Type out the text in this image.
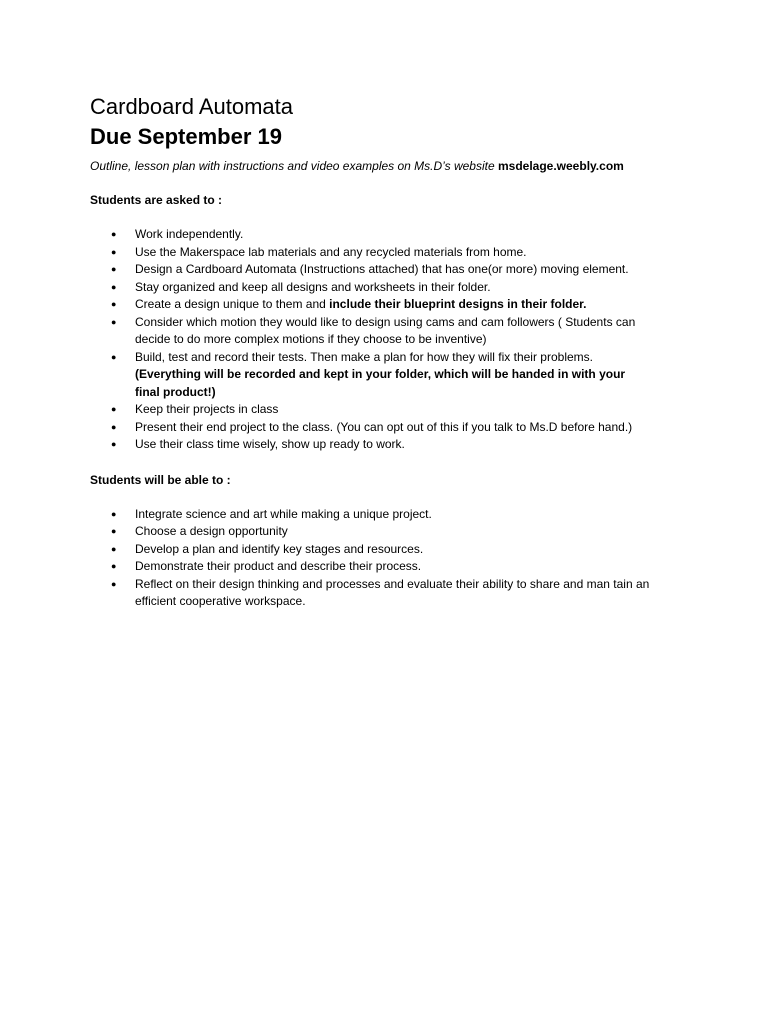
Cardboard Automata
Due September 19

Outline, lesson plan with instructions and video examples on Ms.D’s website msdelage.weebly.com

Students are asked to :

● Work independently.
● Use the Makerspace lab materials and any recycled materials from home.
● Design a Cardboard Automata (Instructions attached) that has one(or more) moving element.
● Stay organized and keep all designs and worksheets in their folder.
● Create a design unique to them and include their blueprint designs in their folder.
● Consider which motion they would like to design using cams and cam followers ( Students can
decide to do more complex motions if they choose to be inventive)
● Build, test and record their tests. Then make a plan for how they will fix their problems.
(Everything will be recorded and kept in your folder, which will be handed in with your
final product!)
● Keep their projects in class
● Present their end project to the class. (You can opt out of this if you talk to Ms.D before hand.)
● Use their class time wisely, show up ready to work.

Students will be able to :

● Integrate science and art while making a unique project.
● Choose a design opportunity
● Develop a plan and identify key stages and resources.
● Demonstrate their product and describe their process.
● Reflect on their design thinking and processes and evaluate their ability to share and man tain an
efficient cooperative workspace.
